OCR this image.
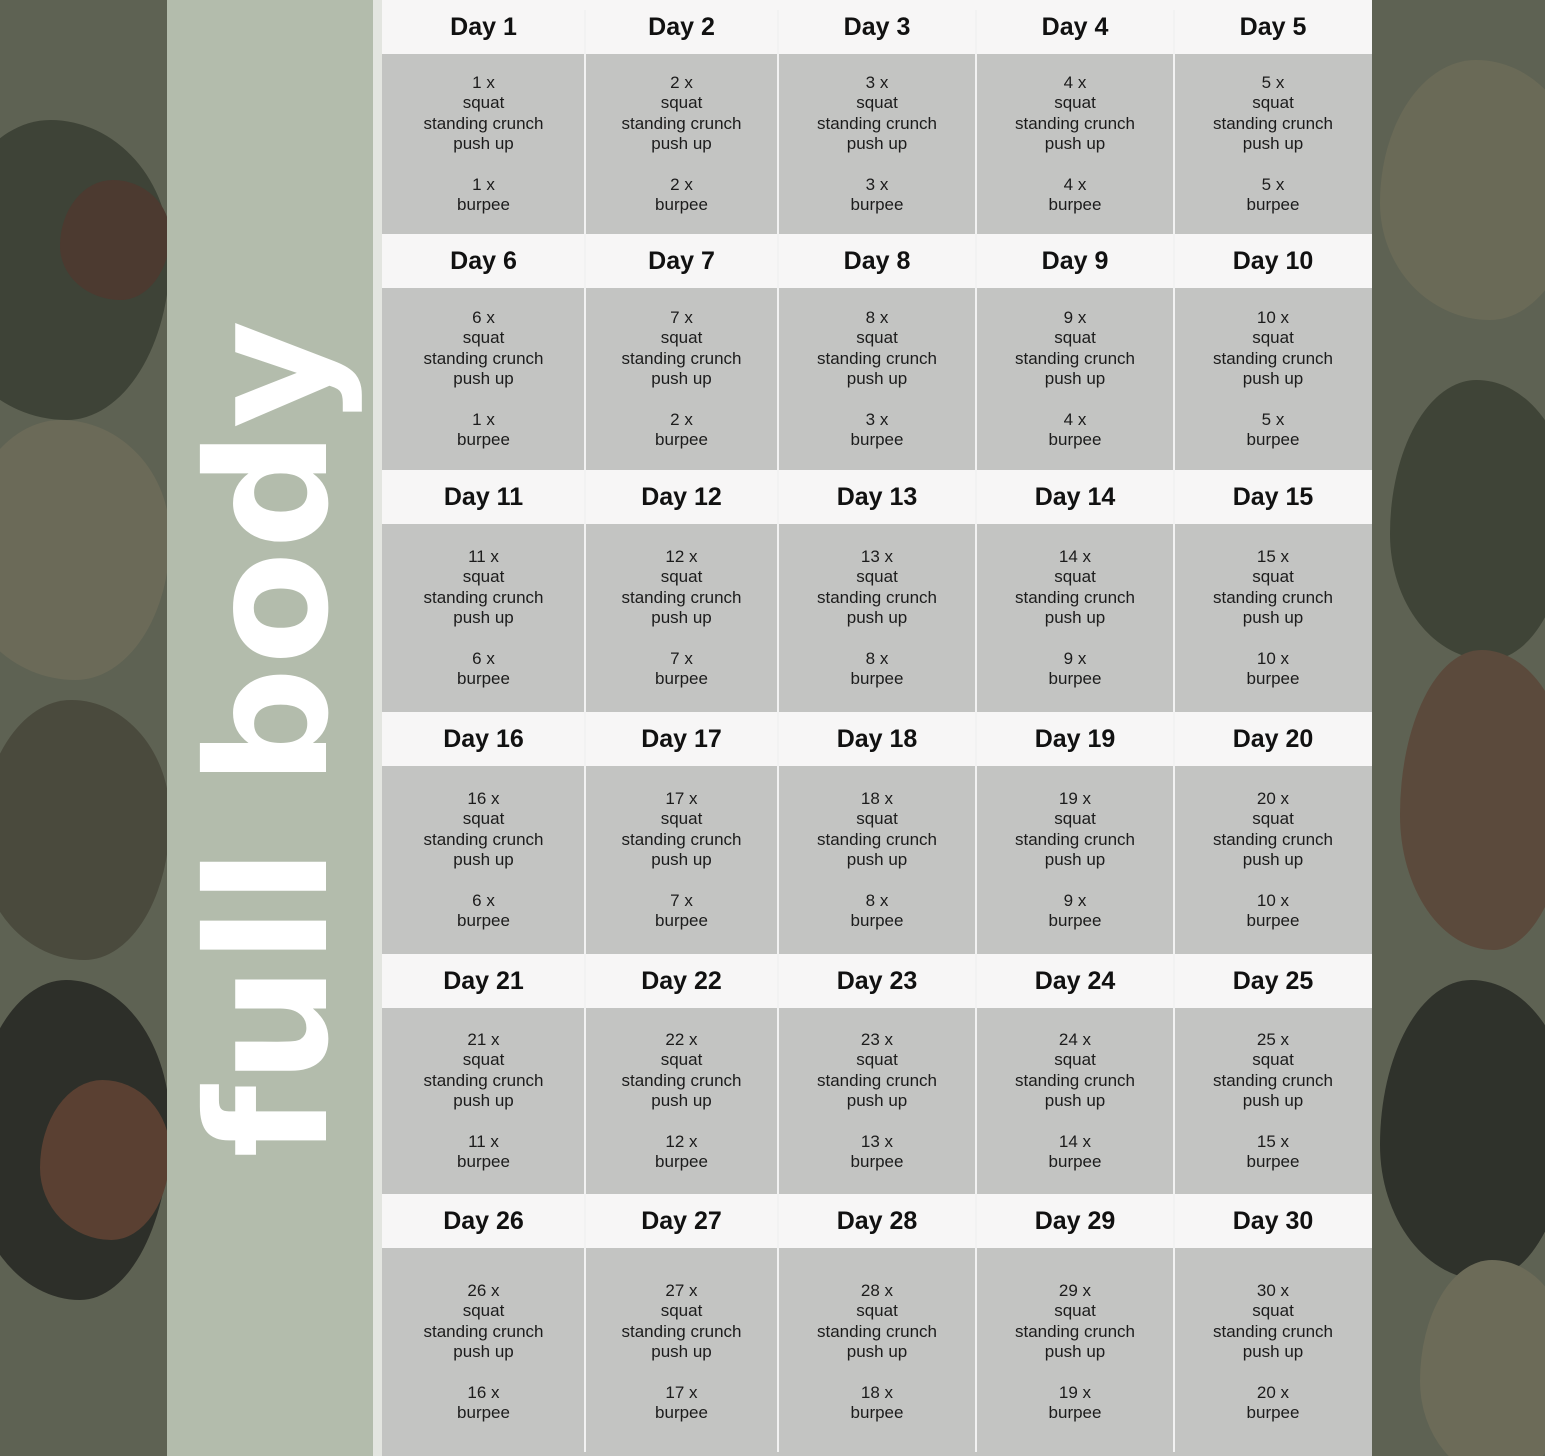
full body
Day 1
1 x
squat
standing crunch
push up
1 x
burpee
Day 2
2 x
squat
standing crunch
push up
2 x
burpee
Day 3
3 x
squat
standing crunch
push up
3 x
burpee
Day 4
4 x
squat
standing crunch
push up
4 x
burpee
Day 5
5 x
squat
standing crunch
push up
5 x
burpee
Day 6
6 x
squat
standing crunch
push up
1 x
burpee
Day 7
7 x
squat
standing crunch
push up
2 x
burpee
Day 8
8 x
squat
standing crunch
push up
3 x
burpee
Day 9
9 x
squat
standing crunch
push up
4 x
burpee
Day 10
10 x
squat
standing crunch
push up
5 x
burpee
Day 11
11 x
squat
standing crunch
push up
6 x
burpee
Day 12
12 x
squat
standing crunch
push up
7 x
burpee
Day 13
13 x
squat
standing crunch
push up
8 x
burpee
Day 14
14 x
squat
standing crunch
push up
9 x
burpee
Day 15
15 x
squat
standing crunch
push up
10 x
burpee
Day 16
16 x
squat
standing crunch
push up
6 x
burpee
Day 17
17 x
squat
standing crunch
push up
7 x
burpee
Day 18
18 x
squat
standing crunch
push up
8 x
burpee
Day 19
19 x
squat
standing crunch
push up
9 x
burpee
Day 20
20 x
squat
standing crunch
push up
10 x
burpee
Day 21
21 x
squat
standing crunch
push up
11 x
burpee
Day 22
22 x
squat
standing crunch
push up
12 x
burpee
Day 23
23 x
squat
standing crunch
push up
13 x
burpee
Day 24
24 x
squat
standing crunch
push up
14 x
burpee
Day 25
25 x
squat
standing crunch
push up
15 x
burpee
Day 26
26 x
squat
standing crunch
push up
16 x
burpee
Day 27
27 x
squat
standing crunch
push up
17 x
burpee
Day 28
28 x
squat
standing crunch
push up
18 x
burpee
Day 29
29 x
squat
standing crunch
push up
19 x
burpee
Day 30
30 x
squat
standing crunch
push up
20 x
burpee
